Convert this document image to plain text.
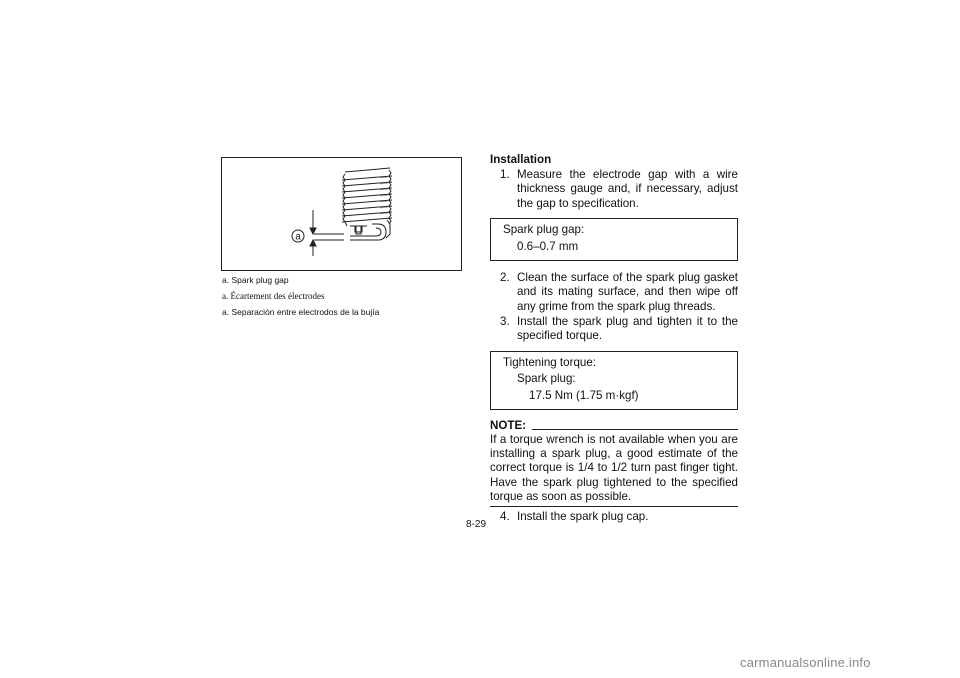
a
a. Spark plug gap
a. Écartement des électrodes
a. Separación entre electrodos de la bujía
Installation
1. Measure the electrode gap with a wire thickness gauge and, if necessary, adjust the gap to specification.
Spark plug gap:
0.6–0.7 mm
2. Clean the surface of the spark plug gasket and its mating surface, and then wipe off any grime from the spark plug threads.
3. Install the spark plug and tighten it to the specified torque.
Tightening torque:
Spark plug:
17.5 Nm (1.75 m·kgf)
NOTE:
If a torque wrench is not available when you are installing a spark plug, a good estimate of the correct torque is 1/4 to 1/2 turn past finger tight. Have the spark plug tightened to the specified torque as soon as possible.
4. Install the spark plug cap.
8-29
carmanualsonline.info
